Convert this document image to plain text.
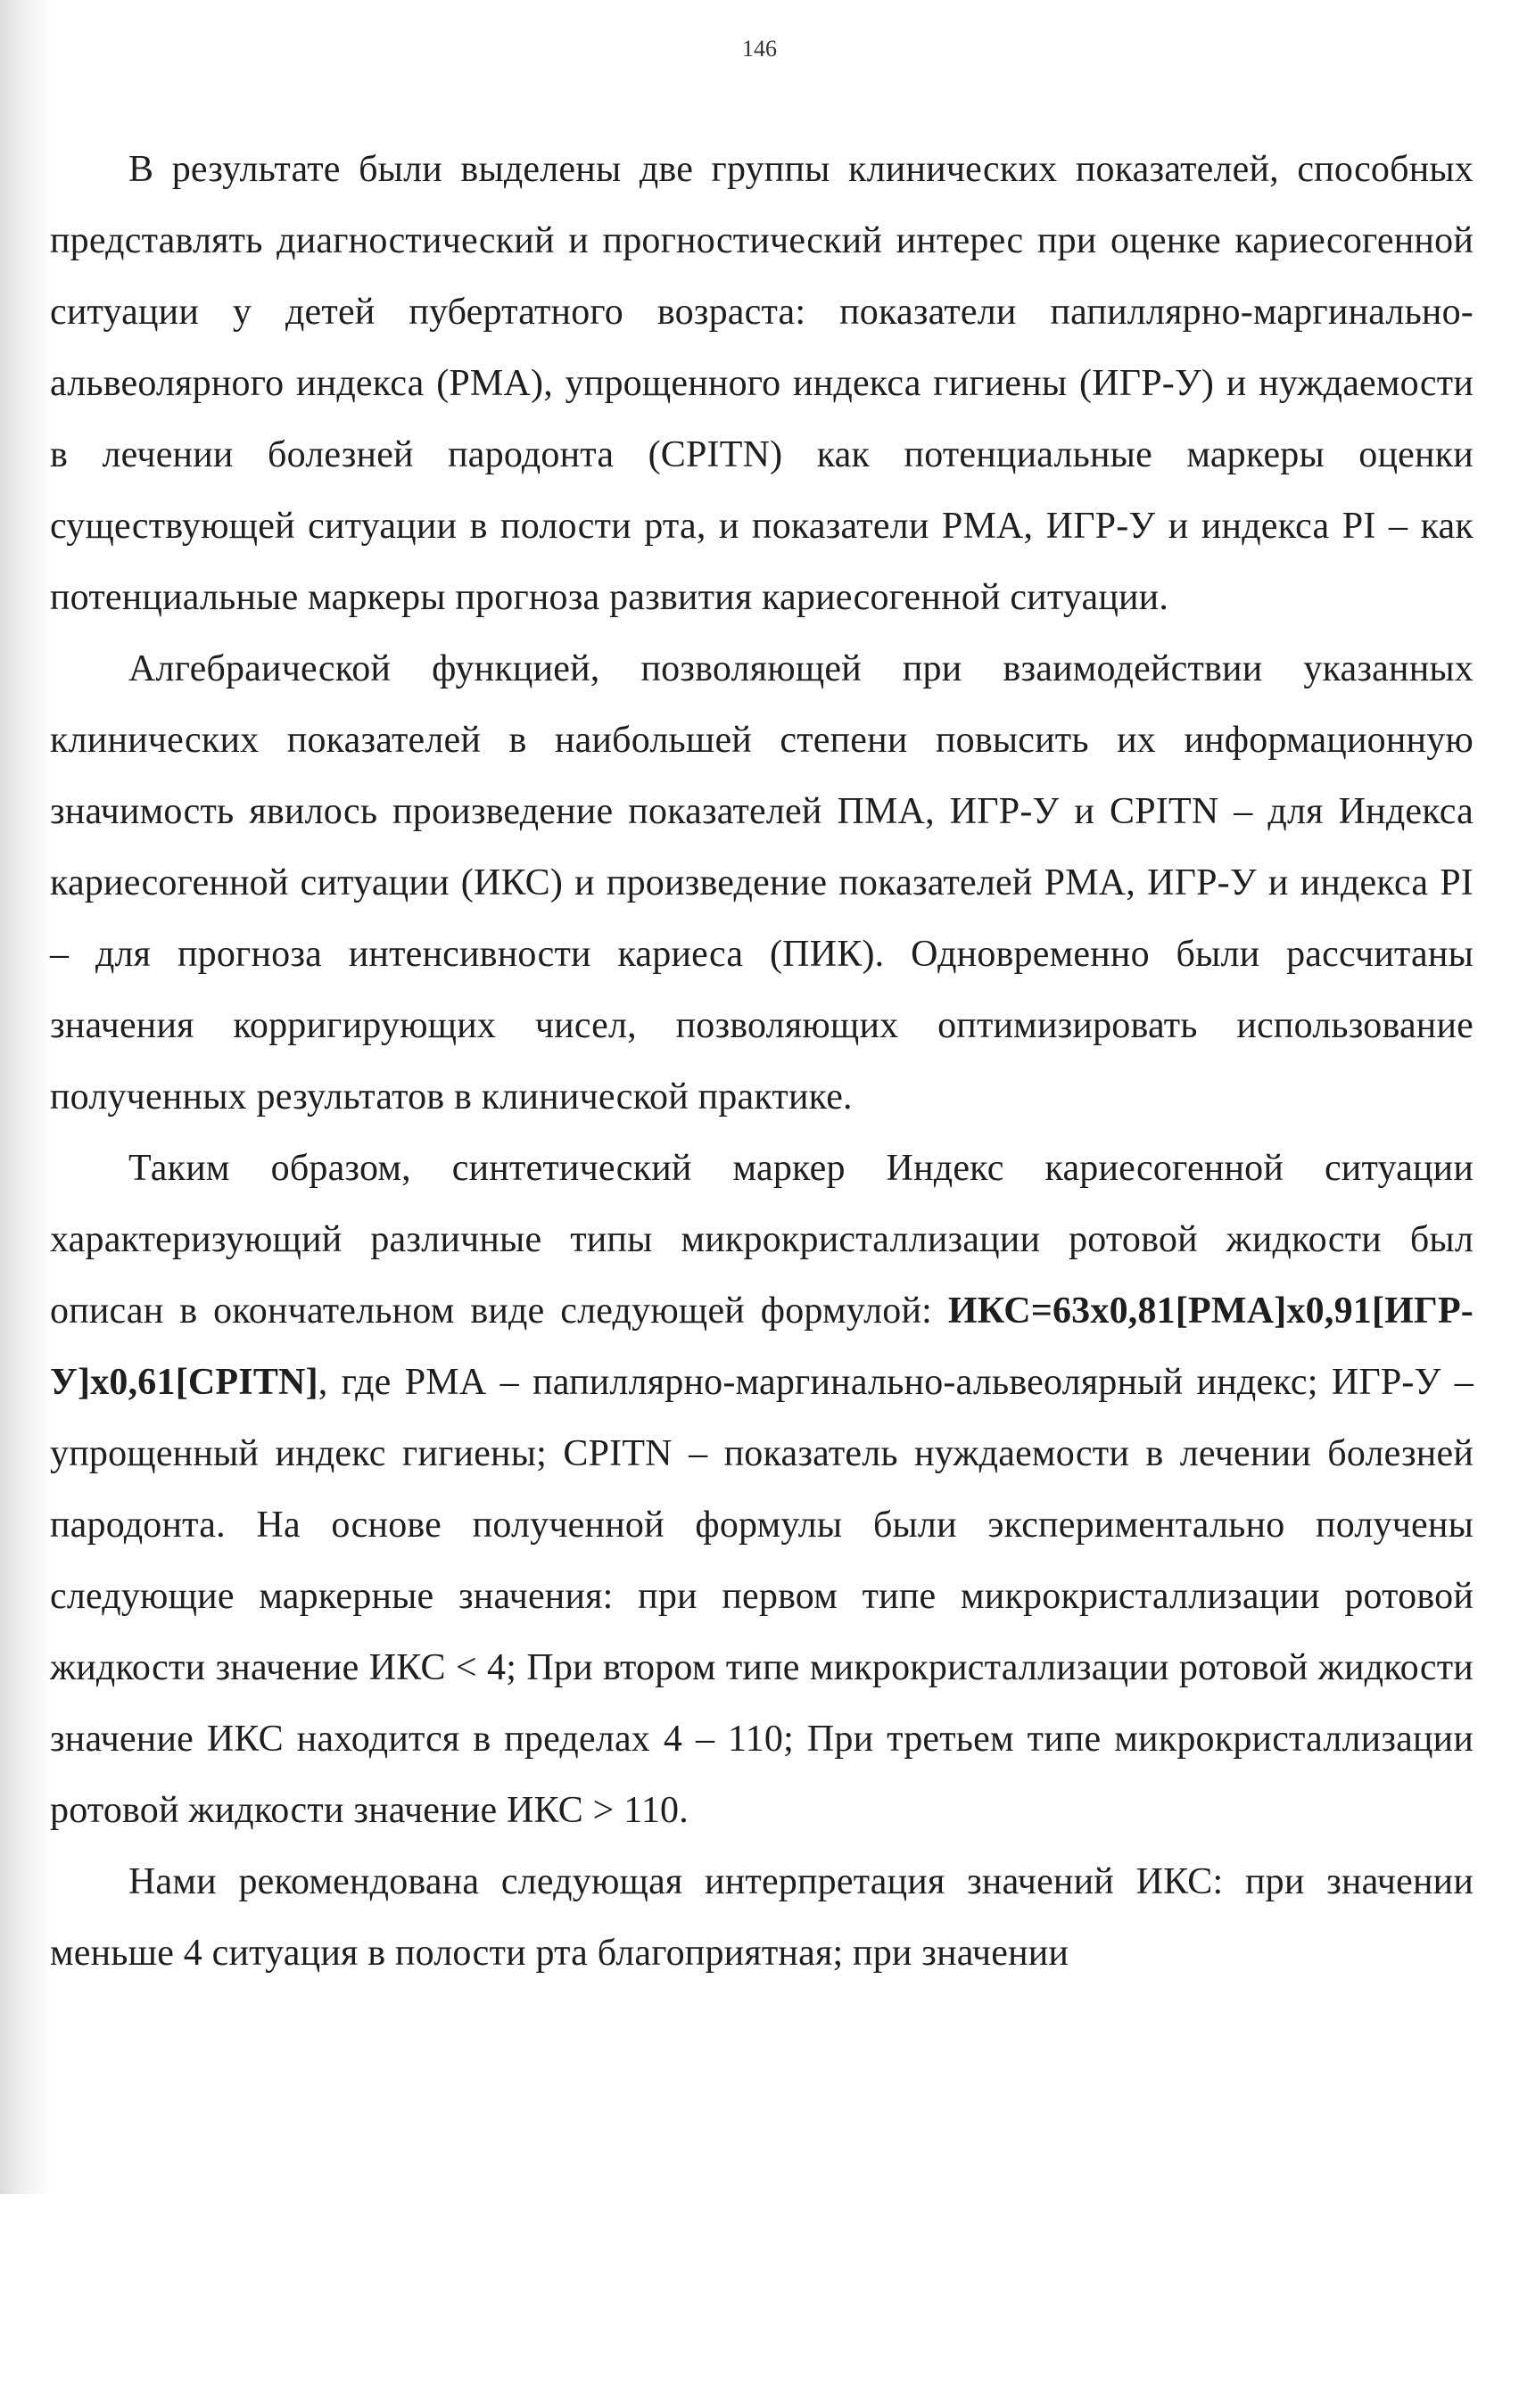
146

В результате были выделены две группы клинических показателей, способных представлять диагностический и прогностический интерес при оценке кариесогенной ситуации у детей пубертатного возраста: показатели папиллярно-маргинально-альвеолярного индекса (РМА), упрощенного индекса гигиены (ИГР-У) и нуждаемости в лечении болезней пародонта (CPITN) как потенциальные маркеры оценки существующей ситуации в полости рта, и показатели РМА, ИГР-У и индекса PI – как потенциальные маркеры прогноза развития кариесогенной ситуации.

Алгебраической функцией, позволяющей при взаимодействии указанных клинических показателей в наибольшей степени повысить их информационную значимость явилось произведение показателей ПМА, ИГР-У и CPITN – для Индекса кариесогенной ситуации (ИКС) и произведение показателей РМА, ИГР-У и индекса PI – для прогноза интенсивности кариеса (ПИК). Одновременно были рассчитаны значения корригирующих чисел, позволяющих оптимизировать использование полученных результатов в клинической практике.

Таким образом, синтетический маркер Индекс кариесогенной ситуации характеризующий различные типы микрокристаллизации ротовой жидкости был описан в окончательном виде следующей формулой: ИКС=63x0,81[PMA]x0,91[ИГР-У]x0,61[CPITN], где РМА – папиллярно-маргинально-альвеолярный индекс; ИГР-У – упрощенный индекс гигиены; CPITN – показатель нуждаемости в лечении болезней пародонта. На основе полученной формулы были экспериментально получены следующие маркерные значения: при первом типе микрокристаллизации ротовой жидкости значение ИКС < 4; При втором типе микрокристаллизации ротовой жидкости значение ИКС находится в пределах 4 – 110; При третьем типе микрокристаллизации ротовой жидкости значение ИКС > 110.

Нами рекомендована следующая интерпретация значений ИКС: при значении меньше 4 ситуация в полости рта благоприятная; при значении
